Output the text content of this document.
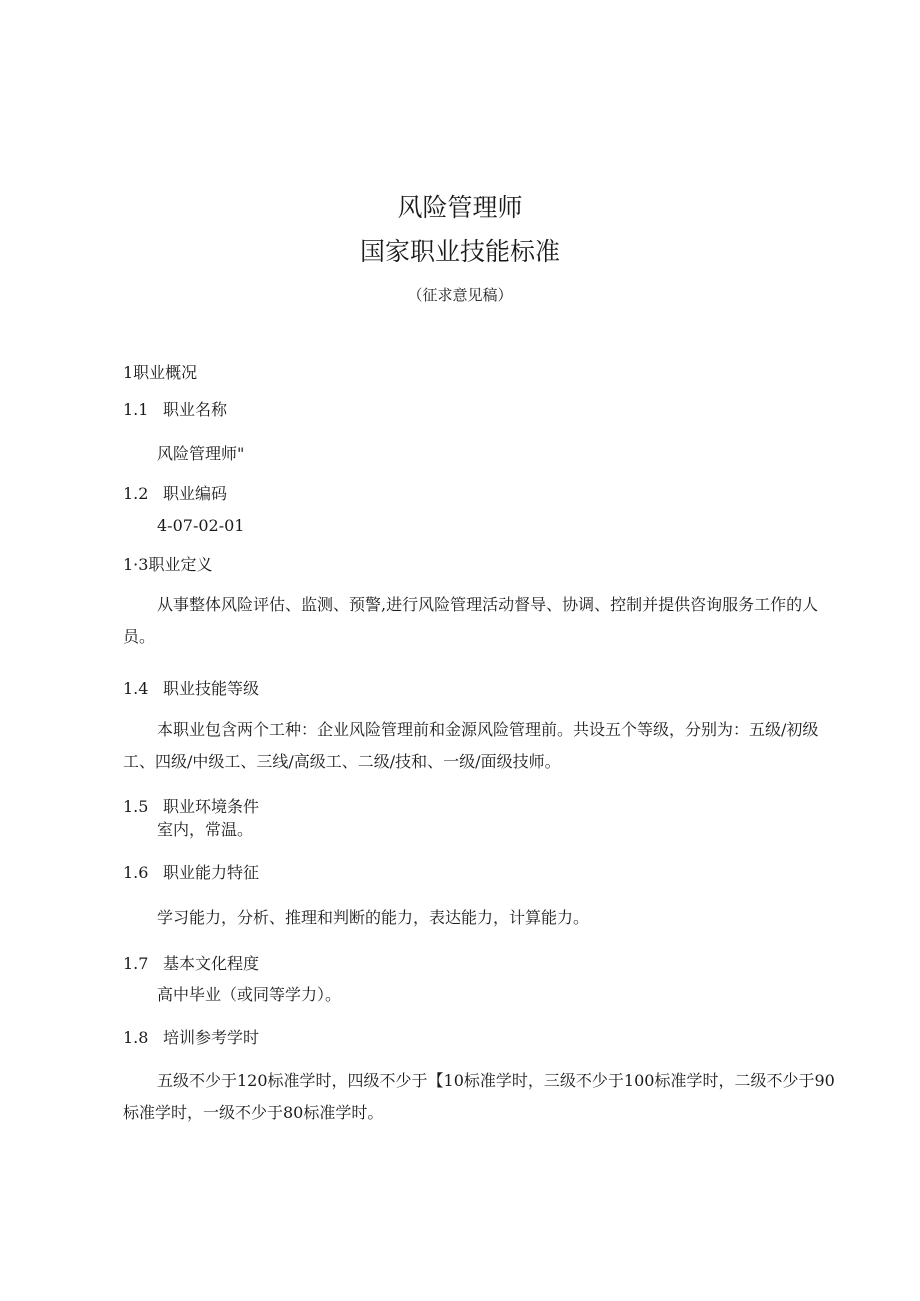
风险管理师
国家职业技能标准
（征求意见稿）
1职业概况
1.1 职业名称
风险管理师"
1.2 职业编码
4-07-02-01
1·3职业定义
从事整体风险评估、监测、预警,进行风险管理活动督导、协调、控制并提供咨询服务工作的人员。
1.4 职业技能等级
本职业包含两个工种：企业风险管理前和金源风险管理前。共设五个等级，分别为：五级/初级工、四级/中级工、三线/高级工、二级/技和、一级/面级技师。
1.5 职业环境条件
室内，常温。
1.6 职业能力特征
学习能力，分析、推理和判断的能力，表达能力，计算能力。
1.7 基本文化程度
高中毕业（或同等学力）。
1.8 培训参考学时
五级不少于120标准学时，四级不少于【10标准学时，三级不少于100标准学时，二级不少于90标准学时，一级不少于80标准学时。
